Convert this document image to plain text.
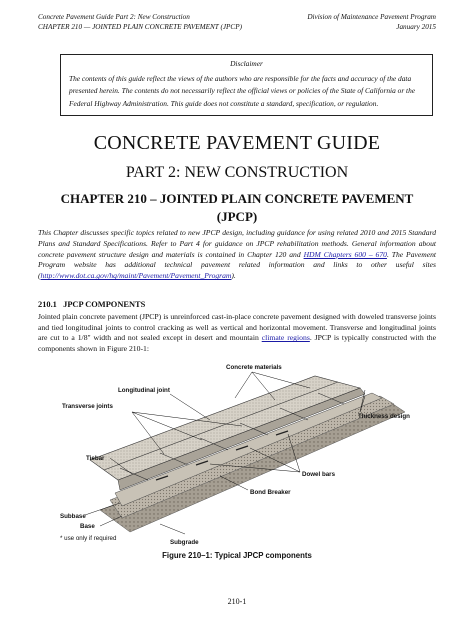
Concrete Pavement Guide Part 2: New Construction	Division of Maintenance Pavement Program
CHAPTER 210 — JOINTED PLAIN CONCRETE PAVEMENT (JPCP)	January 2015
Disclaimer
The contents of this guide reflect the views of the authors who are responsible for the facts and accuracy of the data presented herein. The contents do not necessarily reflect the official views or policies of the State of California or the Federal Highway Administration. This guide does not constitute a standard, specification, or regulation.
CONCRETE PAVEMENT GUIDE
PART 2: NEW CONSTRUCTION
CHAPTER 210 – JOINTED PLAIN CONCRETE PAVEMENT
(JPCP)
This Chapter discusses specific topics related to new JPCP design, including guidance for using related 2010 and 2015 Standard Plans and Standard Specifications. Refer to Part 4 for guidance on JPCP rehabilitation methods. General information about concrete pavement structure design and materials is contained in Chapter 120 and HDM Chapters 600 – 670. The Pavement Program website has additional technical pavement related information and links to other useful sites (http://www.dot.ca.gov/hq/maint/Pavement/Pavement_Program).
210.1 JPCP COMPONENTS
Jointed plain concrete pavement (JPCP) is unreinforced cast-in-place concrete pavement designed with doweled transverse joints and tied longitudinal joints to control cracking as well as vertical and horizontal movement. Transverse and longitudinal joints are cut to a 1/8" width and not sealed except in desert and mountain climate regions. JPCP is typically constructed with the components shown in Figure 210-1:
Concrete materials
Longitudinal joint
Transverse joints
Thickness design
Tiebar
Dowel bars
Bond Breaker
Subbase
Base
* use only if required
Subgrade
Figure 210–1: Typical JPCP components
210-1
